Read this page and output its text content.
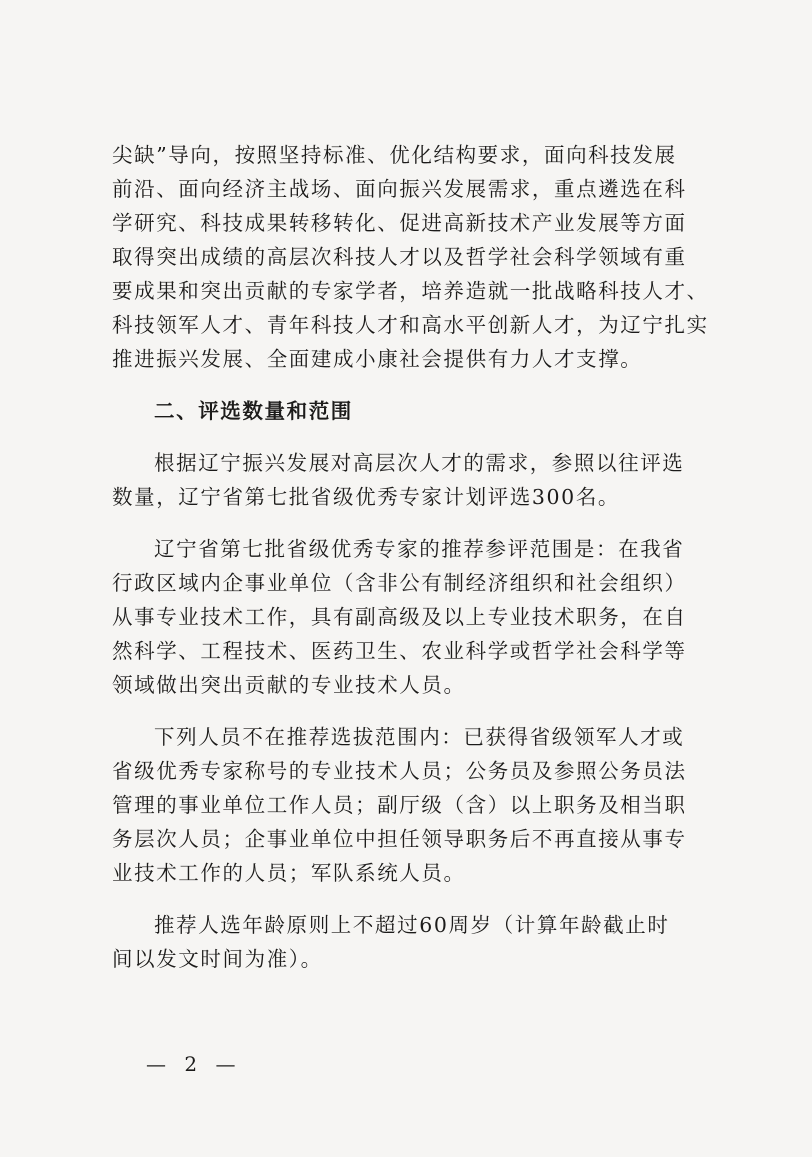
尖缺”导向，按照坚持标准、优化结构要求，面向科技发展
前沿、面向经济主战场、面向振兴发展需求，重点遴选在科
学研究、科技成果转移转化、促进高新技术产业发展等方面
取得突出成绩的高层次科技人才以及哲学社会科学领域有重
要成果和突出贡献的专家学者，培养造就一批战略科技人才、
科技领军人才、青年科技人才和高水平创新人才，为辽宁扎实
推进振兴发展、全面建成小康社会提供有力人才支撑。
二、评选数量和范围
根据辽宁振兴发展对高层次人才的需求，参照以往评选
数量，辽宁省第七批省级优秀专家计划评选300名。
辽宁省第七批省级优秀专家的推荐参评范围是：在我省
行政区域内企事业单位（含非公有制经济组织和社会组织）
从事专业技术工作，具有副高级及以上专业技术职务，在自
然科学、工程技术、医药卫生、农业科学或哲学社会科学等
领域做出突出贡献的专业技术人员。
下列人员不在推荐选拔范围内：已获得省级领军人才或
省级优秀专家称号的专业技术人员；公务员及参照公务员法
管理的事业单位工作人员；副厅级（含）以上职务及相当职
务层次人员；企事业单位中担任领导职务后不再直接从事专
业技术工作的人员；军队系统人员。
推荐人选年龄原则上不超过60周岁（计算年龄截止时
间以发文时间为准）。
— 2 —
